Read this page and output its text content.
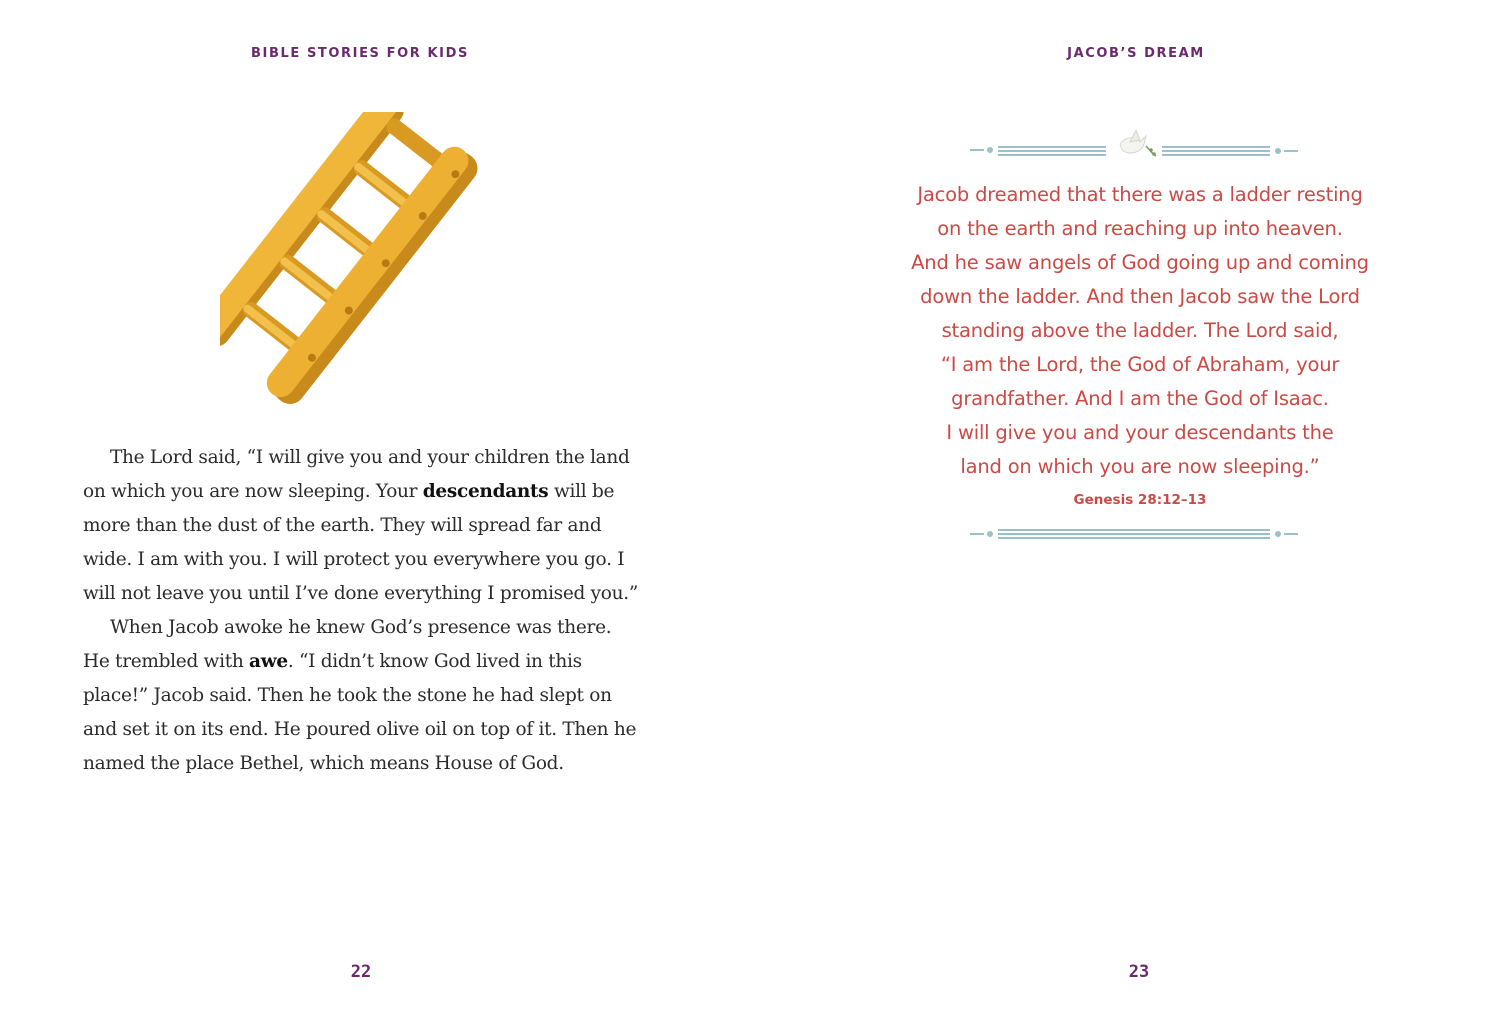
BIBLE STORIES FOR KIDS

The Lord said, “I will give you and your children the land on which you are now sleeping. Your descendants will be more than the dust of the earth. They will spread far and wide. I am with you. I will protect you everywhere you go. I will not leave you until I’ve done everything I promised you.”

When Jacob awoke he knew God’s presence was there. He trembled with awe. “I didn’t know God lived in this place!” Jacob said. Then he took the stone he had slept on and set it on its end. He poured olive oil on top of it. Then he named the place Bethel, which means House of God.

22
JACOB’S DREAM
Jacob dreamed that there was a ladder resting
on the earth and reaching up into heaven.
And he saw angels of God going up and coming
down the ladder. And then Jacob saw the Lord
standing above the ladder. The Lord said,
“I am the Lord, the God of Abraham, your
grandfather. And I am the God of Isaac.
I will give you and your descendants the
land on which you are now sleeping.”
Genesis 28:12–13
23
